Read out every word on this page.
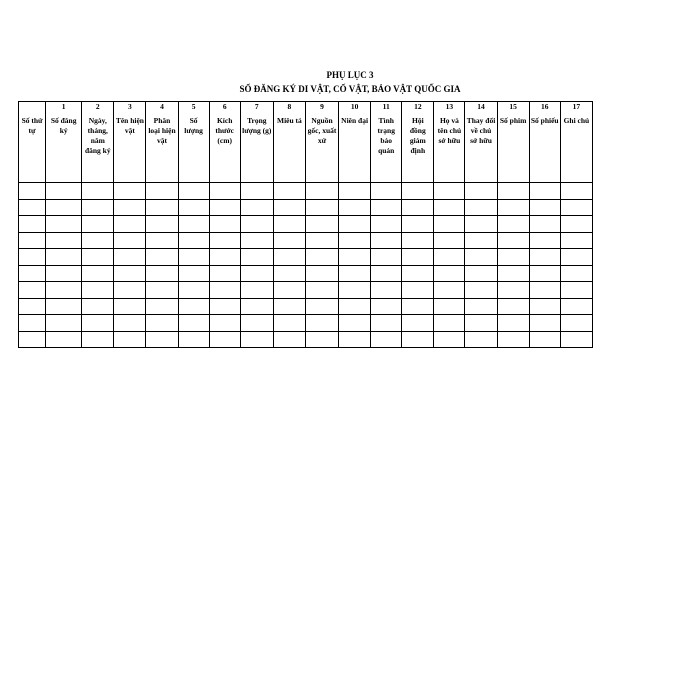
PHỤ LỤC 3
SỔ ĐĂNG KÝ DI VẬT, CỔ VẬT, BẢO VẬT QUỐC GIA
	1	2	3	4	5	6	7	8	9	10	11	12	13	14	15	16	17

Số thứ tự	Số đăng ký	Ngày, tháng, năm đăng ký	Tên hiện vật	Phân loại hiện vật	Số lượng	Kích thước (cm)	Trọng lượng (g)	Miêu tả	Nguồn gốc, xuất xứ	Niên đại	Tình trạng bảo quản	Hội đồng giám định	Họ và tên chủ sở hữu	Thay đổi về chủ sở hữu	Số phim	Số phiếu	Ghi chú
